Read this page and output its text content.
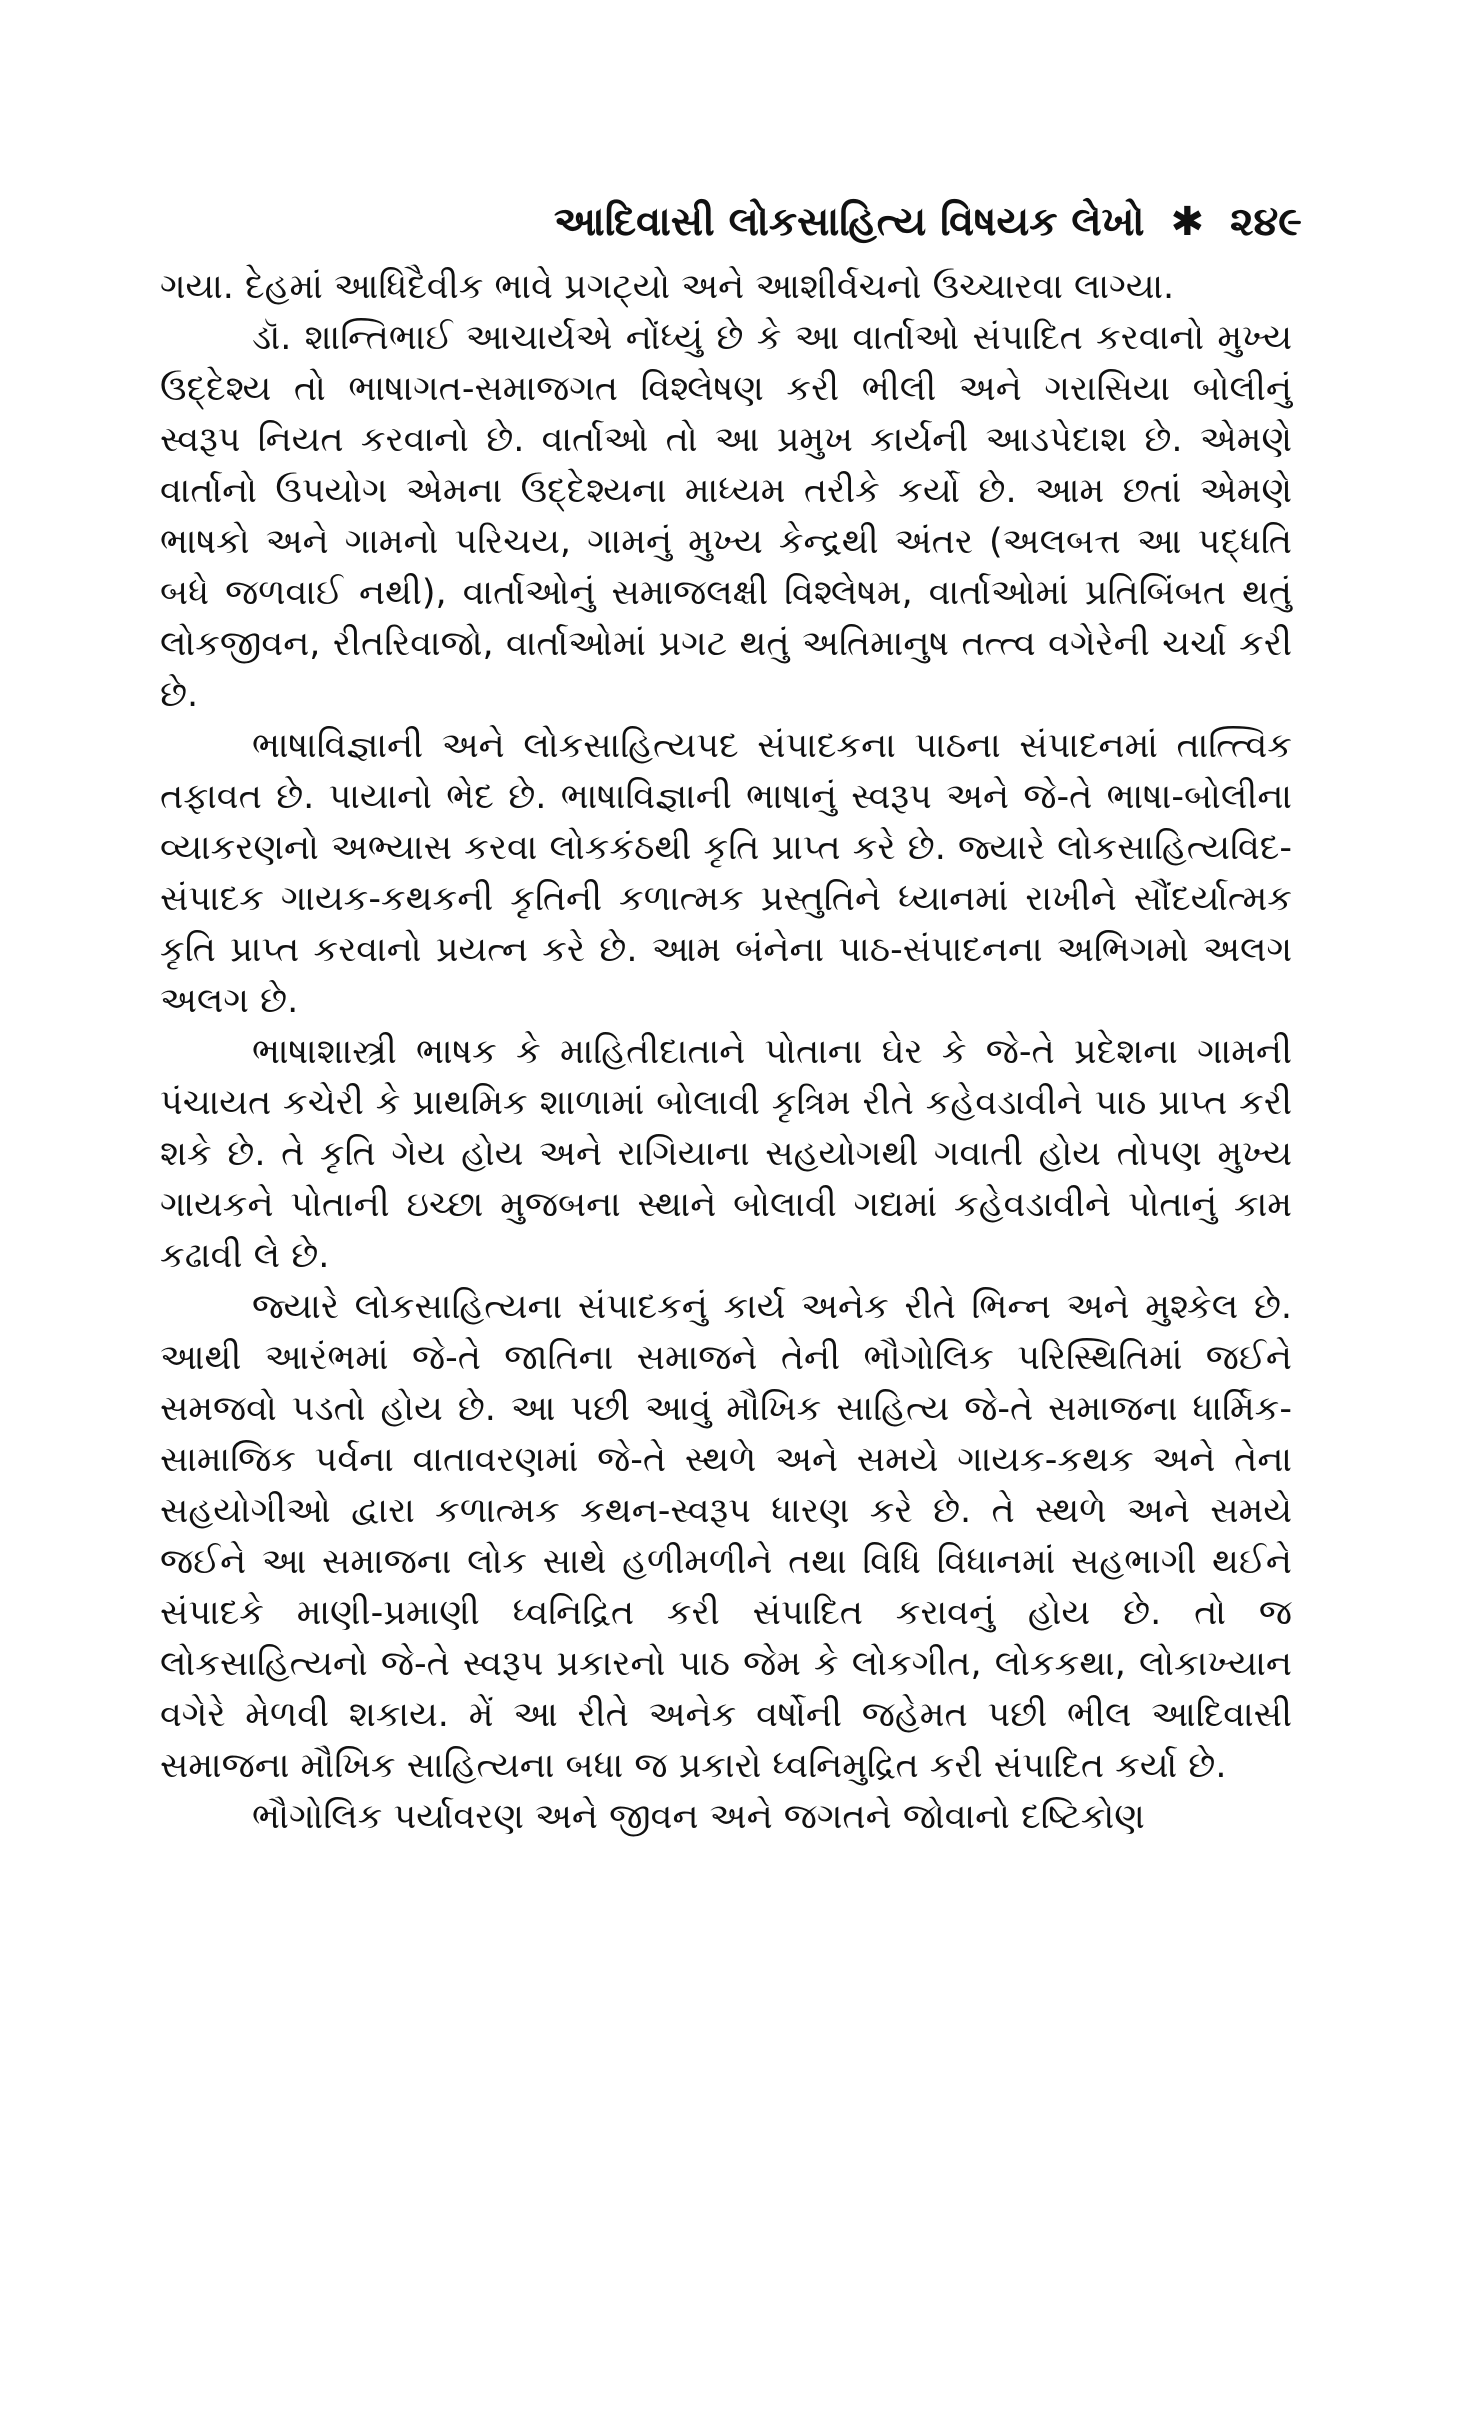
આદિવાસી લોકસાહિત્ય વિષયક લેખો ✱ ૨૪૯

ગયા. દેહમાં આધિદૈવીક ભાવે પ્રગટ્યો અને આશીર્વચનો ઉચ્ચારવા લાગ્યા.

ડૉ. શાન્તિભાઈ આચાર્યએ નોંધ્યું છે કે આ વાર્તાઓ સંપાદિત કરવાનો મુખ્ય ઉદ્દેશ્ય તો ભાષાગત-સમાજગત વિશ્લેષણ કરી ભીલી અને ગરાસિયા બોલીનું સ્વરૂપ નિયત કરવાનો છે. વાર્તાઓ તો આ પ્રમુખ કાર્યની આડપેદાશ છે. એમણે વાર્તાનો ઉપયોગ એમના ઉદ્દેશ્યના માધ્યમ તરીકે કર્યો છે. આમ છતાં એમણે ભાષકો અને ગામનો પરિચય, ગામનું મુખ્ય કેન્દ્રથી અંતર (અલબત્ત આ પદ્ધતિ બધે જળવાઈ નથી), વાર્તાઓનું સમાજલક્ષી વિશ્લેષમ, વાર્તાઓમાં પ્રતિબિંબત થતું લોકજીવન, રીતરિવાજો, વાર્તાઓમાં પ્રગટ થતું અતિમાનુષ તત્ત્વ વગેરેની ચર્ચા કરી છે.

ભાષાવિજ્ઞાની અને લોકસાહિત્યપદ સંપાદકના પાઠના સંપાદનમાં તાત્ત્વિક તફાવત છે. પાયાનો ભેદ છે. ભાષાવિજ્ઞાની ભાષાનું સ્વરૂપ અને જે-તે ભાષા-બોલીના વ્યાકરણનો અભ્યાસ કરવા લોકકંઠથી કૃતિ પ્રાપ્ત કરે છે. જ્યારે લોકસાહિત્યવિદ-સંપાદક ગાયક-કથકની કૃતિની કળાત્મક પ્રસ્તુતિને ધ્યાનમાં રાખીને સૌંદર્યાત્મક કૃતિ પ્રાપ્ત કરવાનો પ્રયત્ન કરે છે. આમ બંનેના પાઠ-સંપાદનના અભિગમો અલગ અલગ છે.

ભાષાશાસ્ત્રી ભાષક કે માહિતીદાતાને પોતાના ઘેર કે જે-તે પ્રદેશના ગામની પંચાયત કચેરી કે પ્રાથમિક શાળામાં બોલાવી કૃત્રિમ રીતે કહેવડાવીને પાઠ પ્રાપ્ત કરી શકે છે. તે કૃતિ ગેય હોય અને રાગિયાના સહયોગથી ગવાતી હોય તોપણ મુખ્ય ગાયકને પોતાની ઇચ્છા મુજબના સ્થાને બોલાવી ગદ્યમાં કહેવડાવીને પોતાનું કામ કઢાવી લે છે.

જ્યારે લોકસાહિત્યના સંપાદકનું કાર્ય અનેક રીતે ભિન્ન અને મુશ્કેલ છે. આથી આરંભમાં જે-તે જાતિના સમાજને તેની ભૌગોલિક પરિસ્થિતિમાં જઈને સમજવો પડતો હોય છે. આ પછી આવું મૌખિક સાહિત્ય જે-તે સમાજના ધાર્મિક-સામાજિક પર્વના વાતાવરણમાં જે-તે સ્થળે અને સમયે ગાયક-કથક અને તેના સહયોગીઓ દ્વારા કળાત્મક કથન-સ્વરૂપ ધારણ કરે છે. તે સ્થળે અને સમયે જઈને આ સમાજના લોક સાથે હળીમળીને તથા વિધિ વિધાનમાં સહભાગી થઈને સંપાદકે માણી-પ્રમાણી ધ્વનિદ્રિત કરી સંપાદિત કરાવનું હોય છે. તો જ લોકસાહિત્યનો જે-તે સ્વરૂપ પ્રકારનો પાઠ જેમ કે લોકગીત, લોકકથા, લોકાખ્યાન વગેરે મેળવી શકાય. મેં આ રીતે અનેક વર્ષોની જહેમત પછી ભીલ આદિવાસી સમાજના મૌખિક સાહિત્યના બધા જ પ્રકારો ધ્વનિમુદ્રિત કરી સંપાદિત કર્યા છે.

ભૌગોલિક પર્યાવરણ અને જીવન અને જગતને જોવાનો દષ્ટિકોણ
